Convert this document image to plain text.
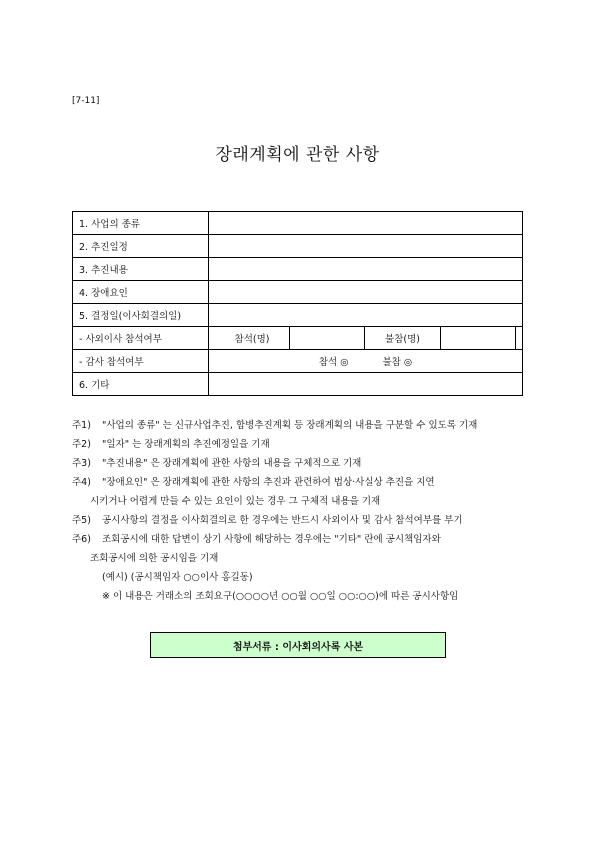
[7-11]
장래계획에 관한 사항
1. 사업의 종류	
2. 추진일정	
3. 추진내용	
4. 장애요인	
5. 결정일(이사회결의일)	
- 사외이사 참석여부	참석(명) 불참(명)

- 감사 참석여부	참석 ◎ 불참 ◎

6. 기타	
주1)	"사업의 종류" 는 신규사업추진, 합병추진계획 등 장래계획의 내용을 구분할 수 있도록 기재
주2)	"일자" 는 장래계획의 추진예정일을 기재
주3)	"추진내용" 은 장래계획에 관한 사항의 내용을 구체적으로 기재
주4)	"장애요인" 은 장래계획에 관한 사항의 추진과 관련하여 법상·사실상 추진을 지연
시키거나 어렵게 만들 수 있는 요인이 있는 경우 그 구체적 내용을 기재
주5)	공시사항의 결정을 이사회결의로 한 경우에는 반드시 사외이사 및 감사 참석여부를 부기
주6)	조회공시에 대한 답변이 상기 사항에 해당하는 경우에는 "기타" 란에 공시책임자와
조회공시에 의한 공시임을 기재
(예시) (공시책임자 ○○이사 홍길동)
※ 이 내용은 거래소의 조회요구(○○○○년 ○○월 ○○일 ○○:○○)에 따른 공시사항임
첨부서류 : 이사회의사록 사본
